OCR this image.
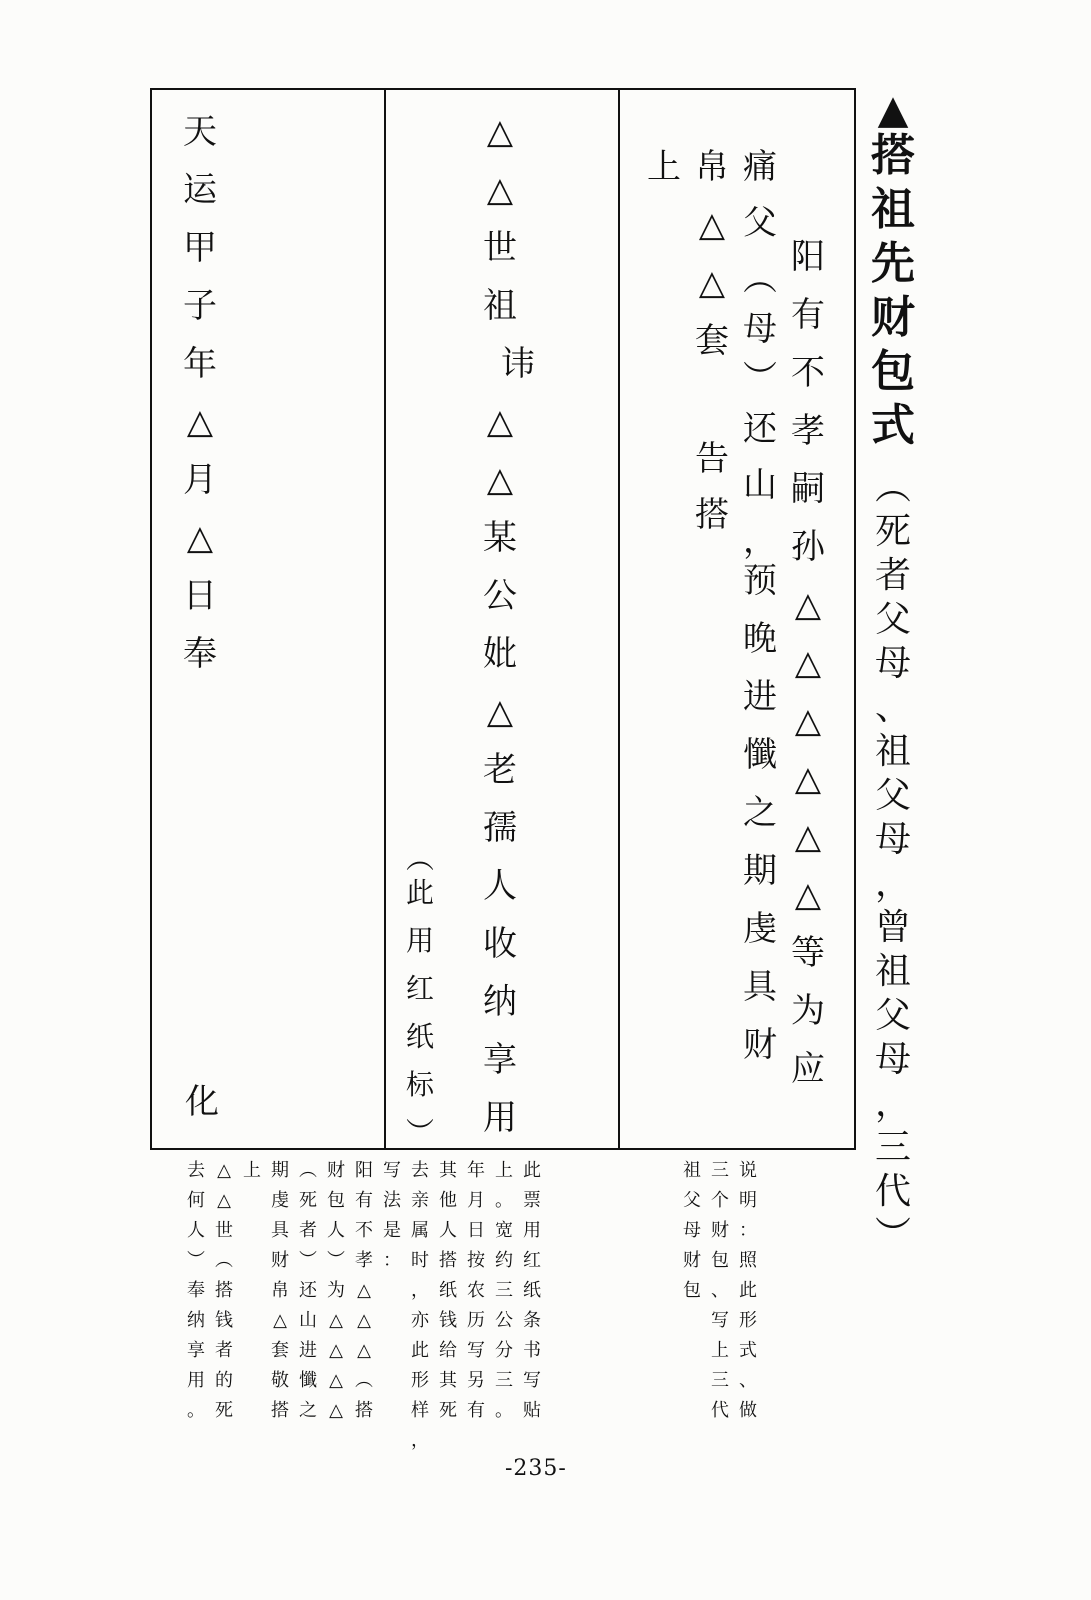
▲
搭
祖
先
财
包
式
︵
死
者
父
母
、
祖
父
母
，
曾
祖
父
母
，
三
代
︶
阳
有
不
孝
嗣
孙
△
△
△
△
△
△
等
为
应
痛
父
︵
母
︶
还
山
，
预
晚
进
懺
之
期
虔
具
财
帛
△
△
套
告
搭
上
△
△
世
祖
讳
△
△
某
公
妣
△
老
孺
人
收
纳
享
用
︵
此
用
红
纸
标
︶
天
运
甲
子
年
△
月
△
日
奉
化
说
明
：
照
此
形
式
、
做
三
个
财
包
、
写
上
三
代
祖
父
母
财
包
此
票
用
红
纸
条
书
写
贴
上
。
宽
约
三
公
分
三
。
年
月
日
按
农
历
写
另
有
其
他
人
搭
纸
钱
给
其
死
去
亲
属
时
，
亦
此
形
样
，
写
法
是
：
阳
有
不
孝
△
△
△
︵
搭
财
包
人
︶
为
△
△
△
△
︵
死
者
︶
还
山
进
懺
之
期
虔
具
财
帛
△
套
敬
搭
上
△
△
世
︵
搭
钱
者
的
死
去
何
人
︶
奉
纳
享
用
。
-235-
